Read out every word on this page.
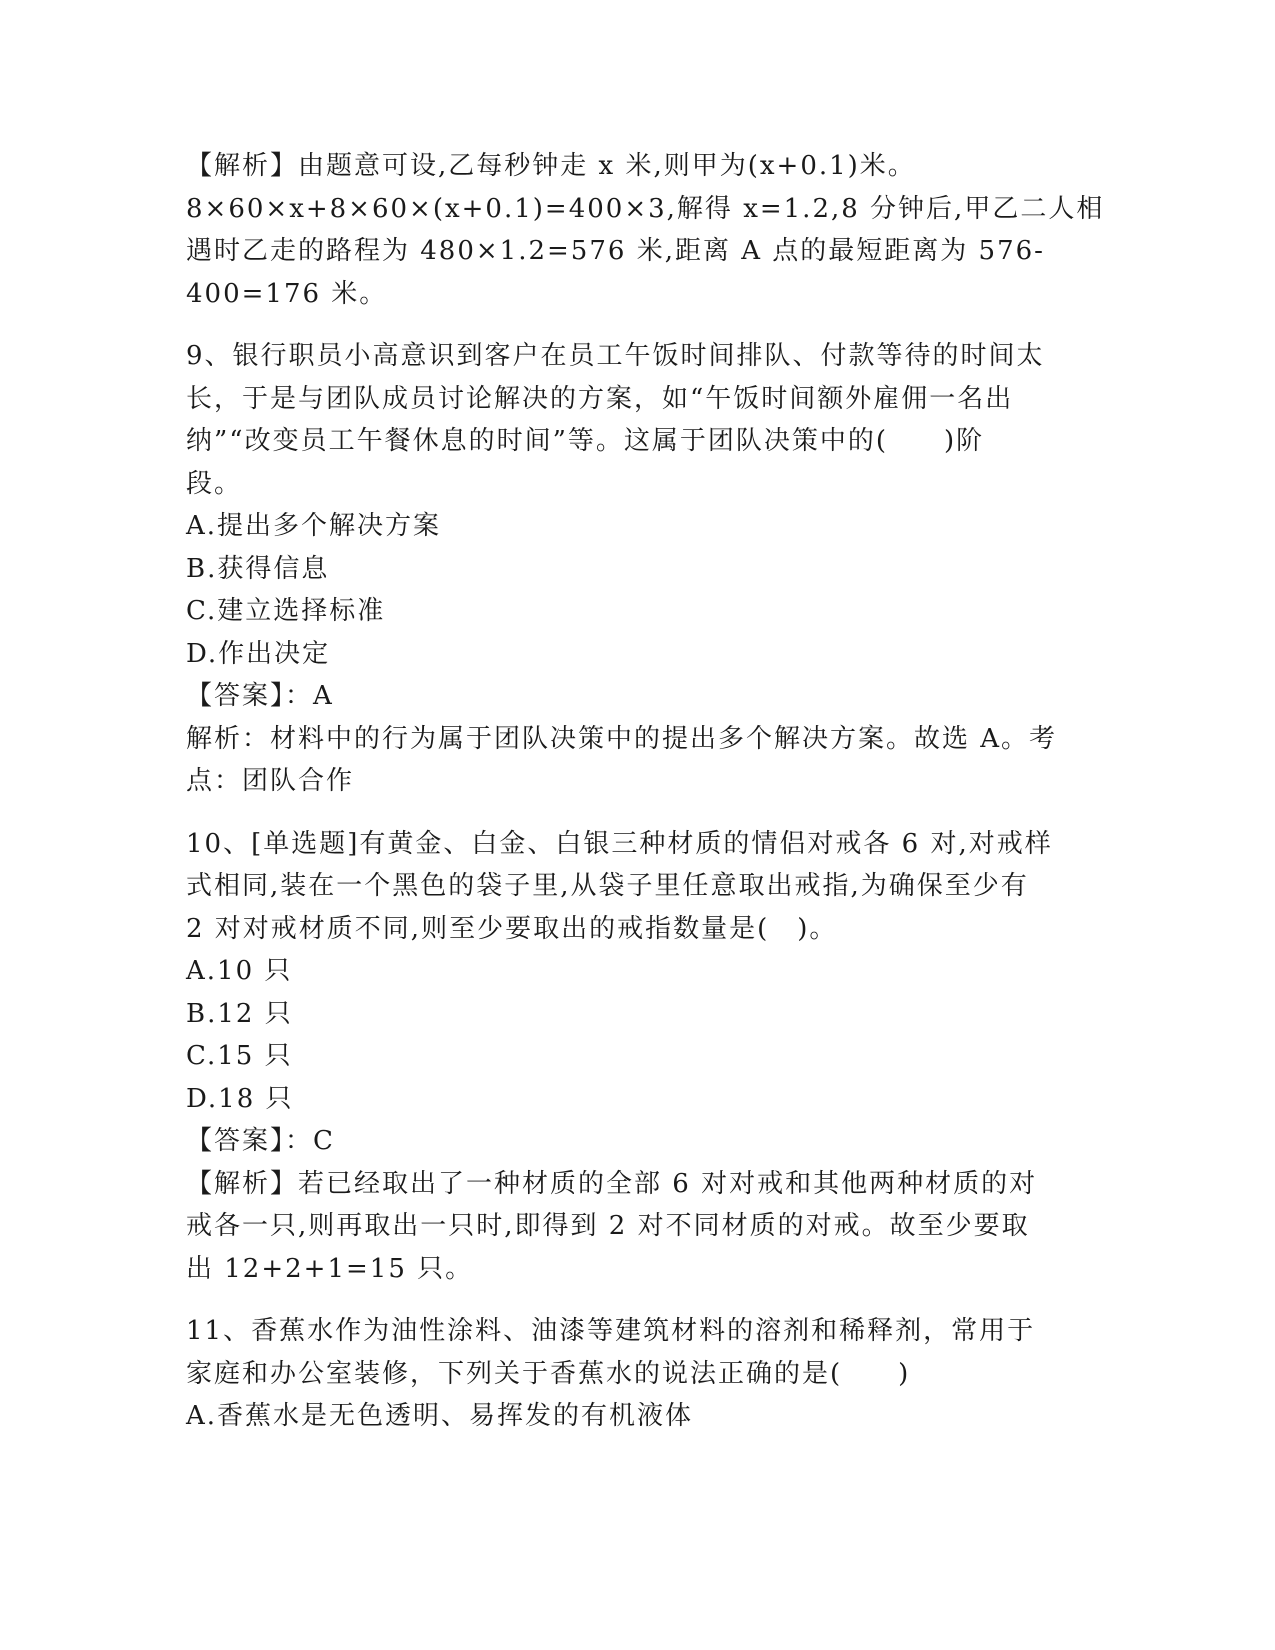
【解析】由题意可设,乙每秒钟走 x 米,则甲为(x+0.1)米。
8×60×x+8×60×(x+0.1)=400×3,解得 x=1.2,8 分钟后,甲乙二人相
遇时乙走的路程为 480×1.2=576 米,距离 A 点的最短距离为 576-
400=176 米。
9、银行职员小高意识到客户在员工午饭时间排队、付款等待的时间太
长，于是与团队成员讨论解决的方案，如“午饭时间额外雇佣一名出
纳”“改变员工午餐休息的时间”等。这属于团队决策中的(　　)阶
段。
A.提出多个解决方案
B.获得信息
C.建立选择标准
D.作出决定
【答案】：A
解析：材料中的行为属于团队决策中的提出多个解决方案。故选 A。考
点：团队合作
10、[单选题]有黄金、白金、白银三种材质的情侣对戒各 6 对,对戒样
式相同,装在一个黑色的袋子里,从袋子里任意取出戒指,为确保至少有
2 对对戒材质不同,则至少要取出的戒指数量是(　)。
A.10 只
B.12 只
C.15 只
D.18 只
【答案】：C
【解析】若已经取出了一种材质的全部 6 对对戒和其他两种材质的对
戒各一只,则再取出一只时,即得到 2 对不同材质的对戒。故至少要取
出 12+2+1=15 只。
11、香蕉水作为油性涂料、油漆等建筑材料的溶剂和稀释剂，常用于
家庭和办公室装修，下列关于香蕉水的说法正确的是(　　)
A.香蕉水是无色透明、易挥发的有机液体
